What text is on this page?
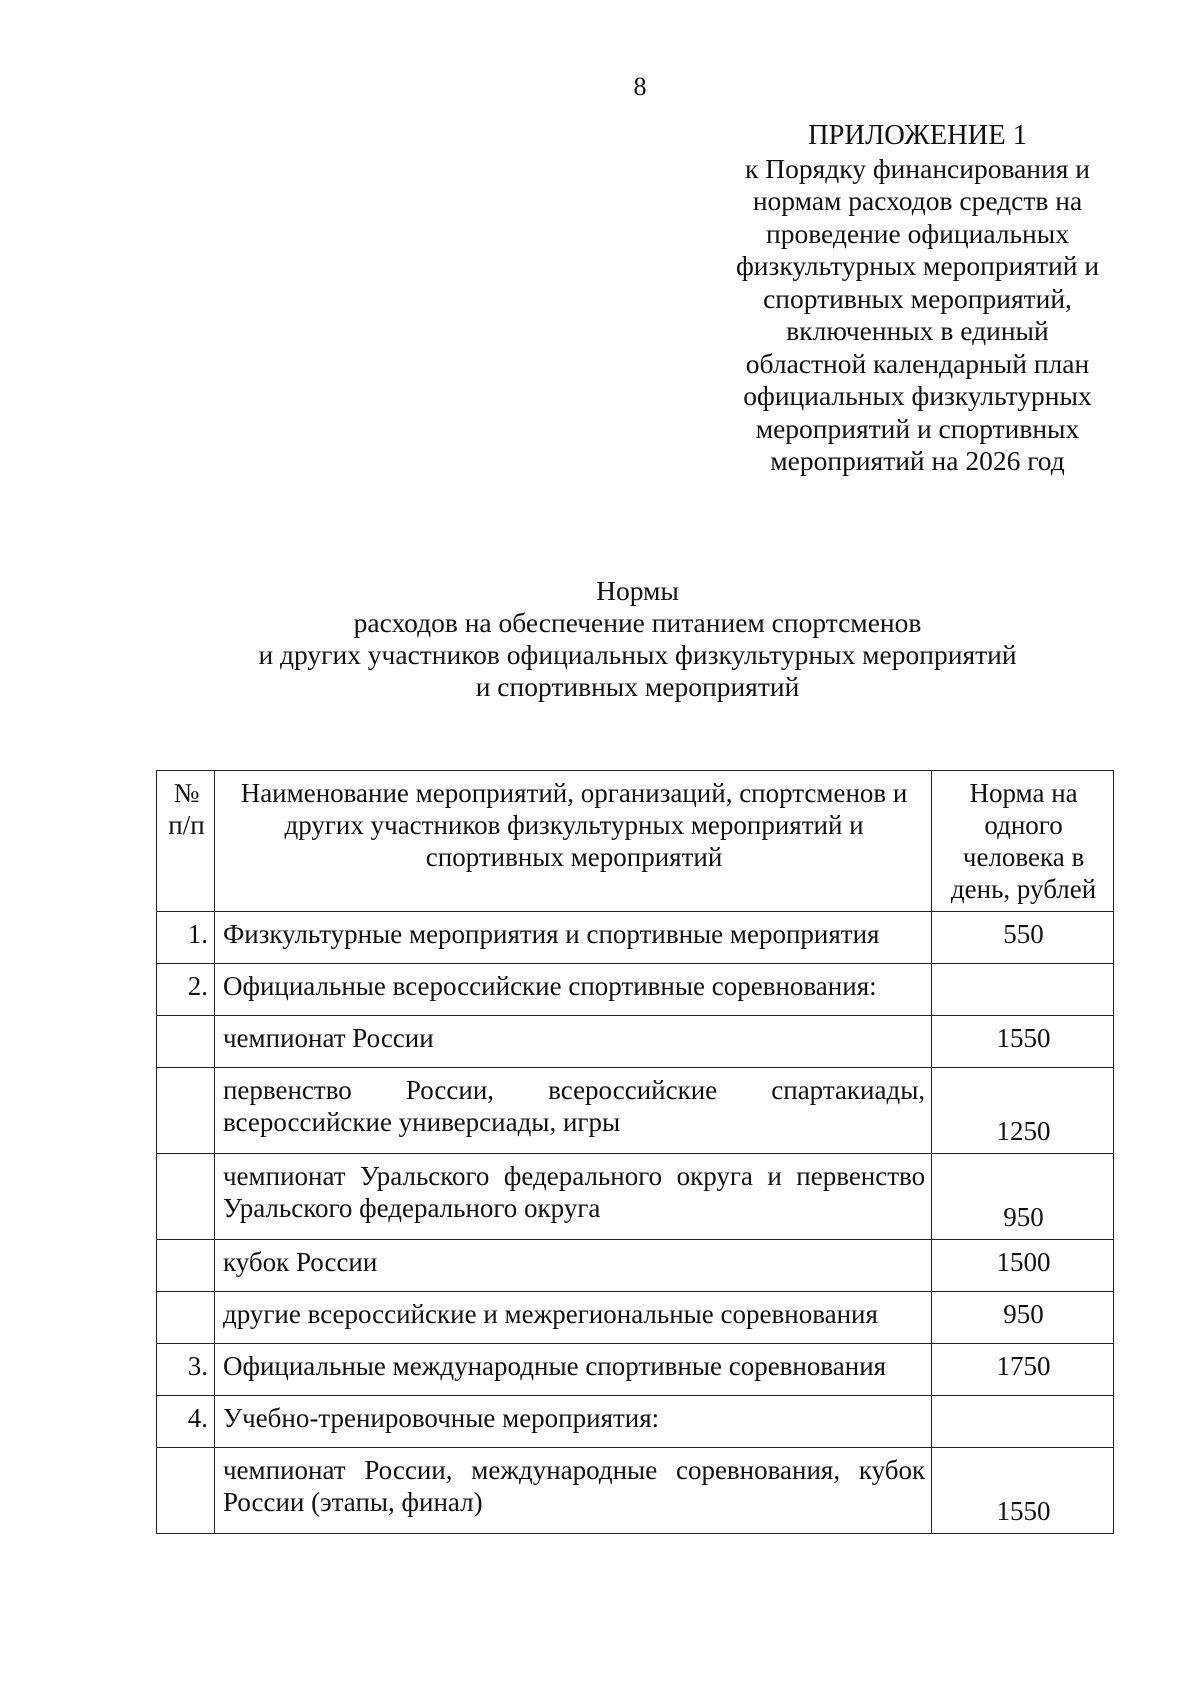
8
ПРИЛОЖЕНИЕ 1
к Порядку финансирования и
нормам расходов средств на
проведение официальных
физкультурных мероприятий и
спортивных мероприятий,
включенных в единый
областной календарный план
официальных физкультурных
мероприятий и спортивных
мероприятий на 2026 год
Нормы
расходов на обеспечение питанием спортсменов
и других участников официальных физкультурных мероприятий
и спортивных мероприятий
№ п/п	Наименование мероприятий, организаций, спортсменов и других участников физкультурных мероприятий и спортивных мероприятий	Норма на одного человека в день, рублей
1.	Физкультурные мероприятия и спортивные мероприятия	550
2.	Официальные всероссийские спортивные соревнования:	
	чемпионат России	1550
	первенство России, всероссийские спартакиады, всероссийские универсиады, игры	1250
	чемпионат Уральского федерального округа и первенство Уральского федерального округа	950
	кубок России	1500
	другие всероссийские и межрегиональные соревнования	950
3.	Официальные международные спортивные соревнования	1750
4.	Учебно-тренировочные мероприятия:	
	чемпионат России, международные соревнования, кубок России (этапы, финал)	1550
